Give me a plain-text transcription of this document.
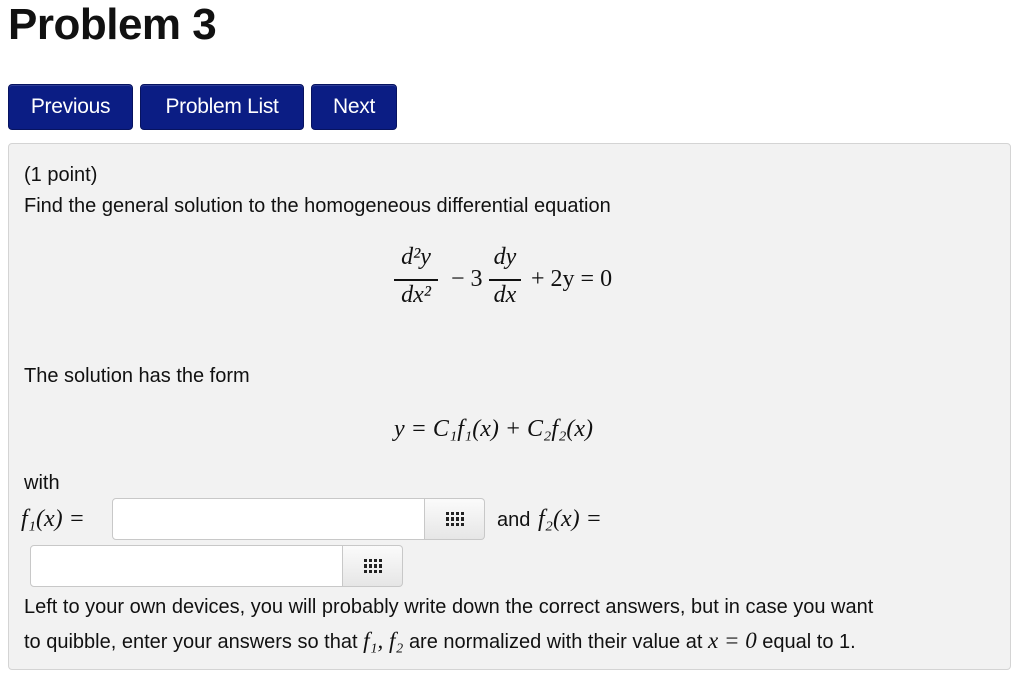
Problem 3
Previous	Problem List	Next
(1 point)
Find the general solution to the homogeneous differential equation
d²y
dx²
− 3
dy
dx
+ 2y = 0
The solution has the form
y = C₁f₁(x) + C₂f₂(x)
with
f₁(x) =	and f₂(x) =
Left to your own devices, you will probably write down the correct answers, but in case you want
to quibble, enter your answers so that f₁, f₂ are normalized with their value at x = 0 equal to 1.
